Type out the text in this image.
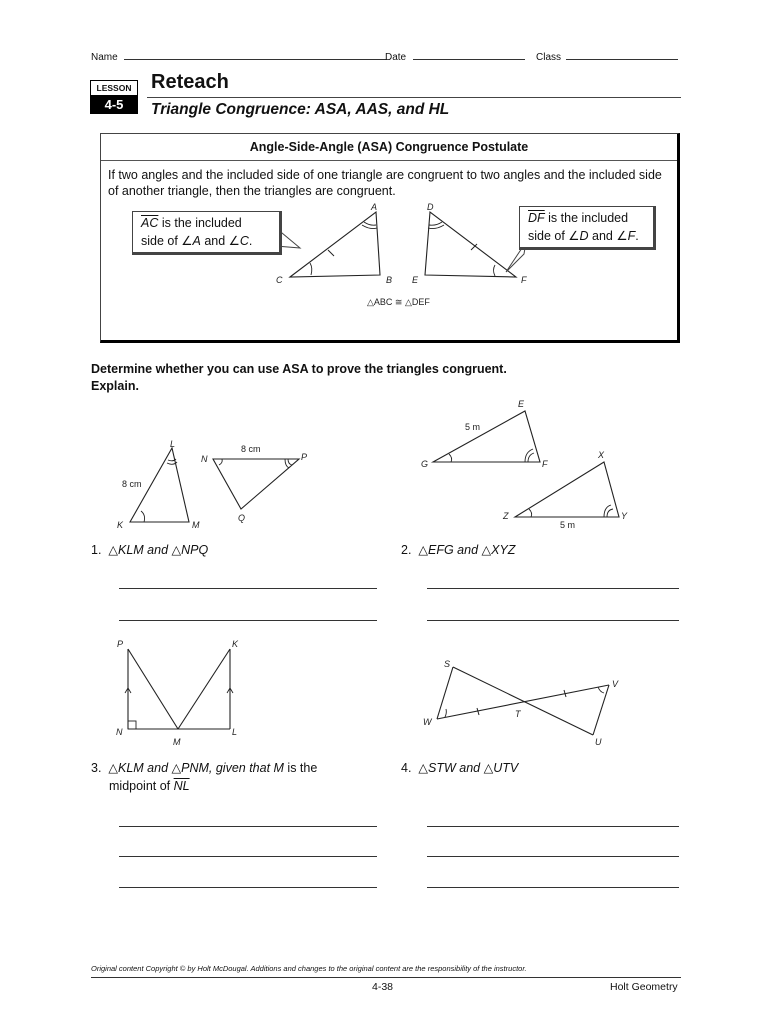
Name	Date	Class
LESSON
4-5
Reteach
Triangle Congruence: ASA, AAS, and HL
Angle-Side-Angle (ASA) Congruence Postulate
If two angles and the included side of one triangle are congruent to two angles and the included side of another triangle, then the triangles are congruent.
A
B
C
D
E	F
△ABC ≅ △DEF
$\overline{AC}$ is the included
side of ∠A and ∠C.
$\overline{DF}$ is the included
side of ∠D and ∠F.
Determine whether you can use ASA to prove the triangles congruent.
Explain.
L
K	M
8 cm
N	P
Q
8 cm
E
F
G
5 m
X
Y
Z
5 m
1. △KLM and △NPQ	2. △EFG and △XYZ
P	K
N
M
L
S
V
W
T
U
3. △KLM and △PNM, given that M is the
midpoint of $\overline{NL}$
4. △STW and △UTV
Original content Copyright © by Holt McDougal. Additions and changes to the original content are the responsibility of the instructor.
4-38	Holt Geometry
